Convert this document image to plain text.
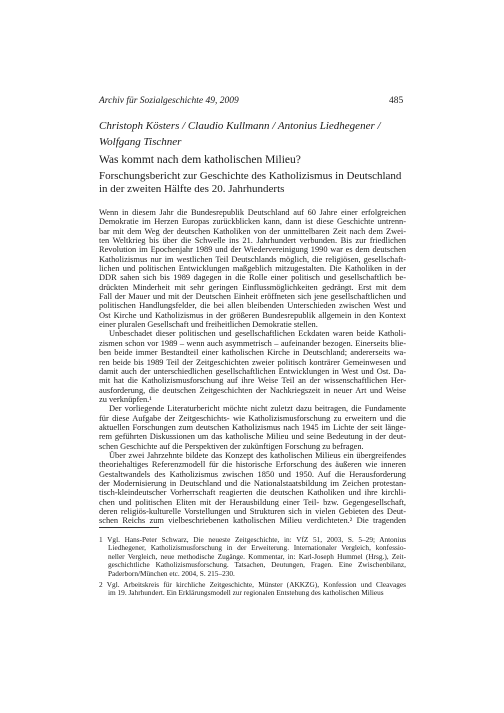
Archiv für Sozialgeschichte 49, 2009	485
Christoph Kösters / Claudio Kullmann / Antonius Liedhegener /
Wolfgang Tischner
Was kommt nach dem katholischen Milieu?
Forschungsbericht zur Geschichte des Katholizismus in Deutschland
in der zweiten Hälfte des 20. Jahrhunderts
Wenn in diesem Jahr die Bundesrepublik Deutschland auf 60 Jahre einer erfolgreichen
Demokratie im Herzen Europas zurückblicken kann, dann ist diese Geschichte untrenn-
bar mit dem Weg der deutschen Katholiken von der unmittelbaren Zeit nach dem Zwei-
ten Weltkrieg bis über die Schwelle ins 21. Jahrhundert verbunden. Bis zur friedlichen
Revolution im Epochenjahr 1989 und der Wiedervereinigung 1990 war es dem deutschen
Katholizismus nur im westlichen Teil Deutschlands möglich, die religiösen, gesellschaft-
lichen und politischen Entwicklungen maßgeblich mitzugestalten. Die Katholiken in der
DDR sahen sich bis 1989 dagegen in die Rolle einer politisch und gesellschaftlich be-
drückten Minderheit mit sehr geringen Einflussmöglichkeiten gedrängt. Erst mit dem
Fall der Mauer und mit der Deutschen Einheit eröffneten sich jene gesellschaftlichen und
politischen Handlungsfelder, die bei allen bleibenden Unterschieden zwischen West und
Ost Kirche und Katholizismus in der größeren Bundesrepublik allgemein in den Kontext
einer pluralen Gesellschaft und freiheitlichen Demokratie stellen.
Unbeschadet dieser politischen und gesellschaftlichen Eckdaten waren beide Katholi-
zismen schon vor 1989 – wenn auch asymmetrisch – aufeinander bezogen. Einerseits blie-
ben beide immer Bestandteil einer katholischen Kirche in Deutschland; andererseits wa-
ren beide bis 1989 Teil der Zeitgeschichten zweier politisch konträrer Gemeinwesen und
damit auch der unterschiedlichen gesellschaftlichen Entwicklungen in West und Ost. Da-
mit hat die Katholizismusforschung auf ihre Weise Teil an der wissenschaftlichen Her-
ausforderung, die deutschen Zeitgeschichten der Nachkriegszeit in neuer Art und Weise
zu verknüpfen.¹
Der vorliegende Literaturbericht möchte nicht zuletzt dazu beitragen, die Fundamente
für diese Aufgabe der Zeitgeschichts- wie Katholizismusforschung zu erweitern und die
aktuellen Forschungen zum deutschen Katholizismus nach 1945 im Lichte der seit länge-
rem geführten Diskussionen um das katholische Milieu und seine Bedeutung in der deut-
schen Geschichte auf die Perspektiven der zukünftigen Forschung zu befragen.
Über zwei Jahrzehnte bildete das Konzept des katholischen Milieus ein übergreifendes
theoriehaltiges Referenzmodell für die historische Erforschung des äußeren wie inneren
Gestaltwandels des Katholizismus zwischen 1850 und 1950. Auf die Herausforderung
der Modernisierung in Deutschland und die Nationalstaatsbildung im Zeichen protestan-
tisch-kleindeutscher Vorherrschaft reagierten die deutschen Katholiken und ihre kirchli-
chen und politischen Eliten mit der Herausbildung einer Teil- bzw. Gegengesellschaft,
deren religiös-kulturelle Vorstellungen und Strukturen sich in vielen Gebieten des Deut-
schen Reichs zum vielbeschriebenen katholischen Milieu verdichteten.² Die tragenden
1 Vgl. Hans-Peter Schwarz, Die neueste Zeitgeschichte, in: VfZ 51, 2003, S. 5–29; Antonius
Liedhegener, Katholizismusforschung in der Erweiterung. Internationaler Vergleich, konfessio-
neller Vergleich, neue methodische Zugänge. Kommentar, in: Karl-Joseph Hummel (Hrsg.), Zeit-
geschichtliche Katholizismusforschung. Tatsachen, Deutungen, Fragen. Eine Zwischenbilanz,
Paderborn/München etc. 2004, S. 215–230.
2 Vgl. Arbeitskreis für kirchliche Zeitgeschichte, Münster (AKKZG), Konfession und Cleavages
im 19. Jahrhundert. Ein Erklärungsmodell zur regionalen Entstehung des katholischen Milieus
